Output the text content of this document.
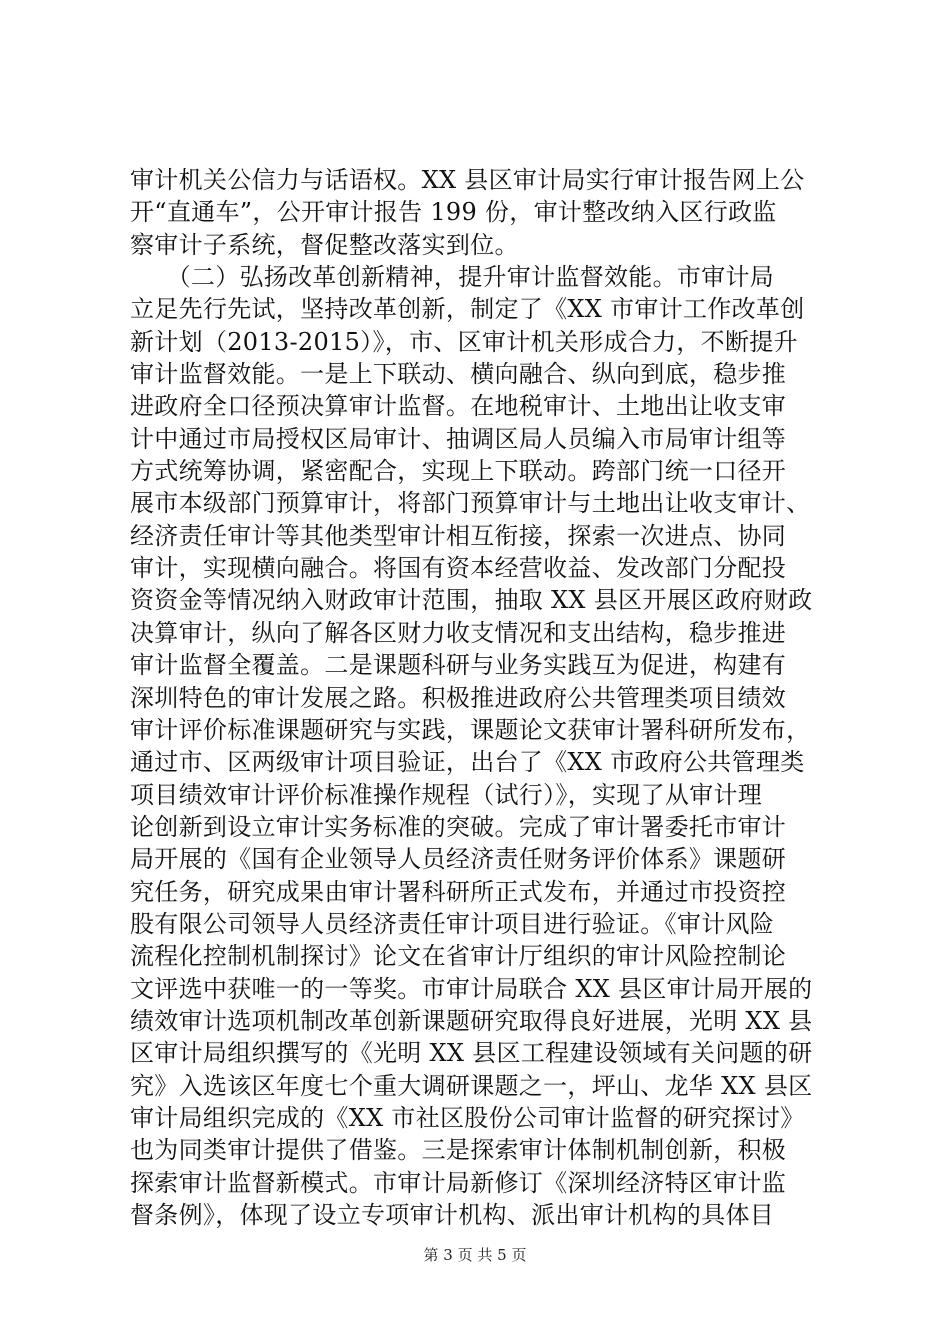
审计机关公信力与话语权。XX 县区审计局实行审计报告网上公
开“直通车”，公开审计报告 199 份，审计整改纳入区行政监
察审计子系统，督促整改落实到位。
　　（二）弘扬改革创新精神，提升审计监督效能。市审计局
立足先行先试，坚持改革创新，制定了《XX 市审计工作改革创
新计划（2013-2015）》，市、区审计机关形成合力，不断提升
审计监督效能。一是上下联动、横向融合、纵向到底，稳步推
进政府全口径预决算审计监督。在地税审计、土地出让收支审
计中通过市局授权区局审计、抽调区局人员编入市局审计组等
方式统筹协调，紧密配合，实现上下联动。跨部门统一口径开
展市本级部门预算审计，将部门预算审计与土地出让收支审计、
经济责任审计等其他类型审计相互衔接，探索一次进点、协同
审计，实现横向融合。将国有资本经营收益、发改部门分配投
资资金等情况纳入财政审计范围，抽取 XX 县区开展区政府财政
决算审计，纵向了解各区财力收支情况和支出结构，稳步推进
审计监督全覆盖。二是课题科研与业务实践互为促进，构建有
深圳特色的审计发展之路。积极推进政府公共管理类项目绩效
审计评价标准课题研究与实践，课题论文获审计署科研所发布，
通过市、区两级审计项目验证，出台了《XX 市政府公共管理类
项目绩效审计评价标准操作规程（试行）》，实现了从审计理
论创新到设立审计实务标准的突破。完成了审计署委托市审计
局开展的《国有企业领导人员经济责任财务评价体系》课题研
究任务，研究成果由审计署科研所正式发布，并通过市投资控
股有限公司领导人员经济责任审计项目进行验证。《审计风险
流程化控制机制探讨》论文在省审计厅组织的审计风险控制论
文评选中获唯一的一等奖。市审计局联合 XX 县区审计局开展的
绩效审计选项机制改革创新课题研究取得良好进展，光明 XX 县
区审计局组织撰写的《光明 XX 县区工程建设领域有关问题的研
究》入选该区年度七个重大调研课题之一，坪山、龙华 XX 县区
审计局组织完成的《XX 市社区股份公司审计监督的研究探讨》
也为同类审计提供了借鉴。三是探索审计体制机制创新，积极
探索审计监督新模式。市审计局新修订《深圳经济特区审计监
督条例》，体现了设立专项审计机构、派出审计机构的具体目
第 3 页 共 5 页
